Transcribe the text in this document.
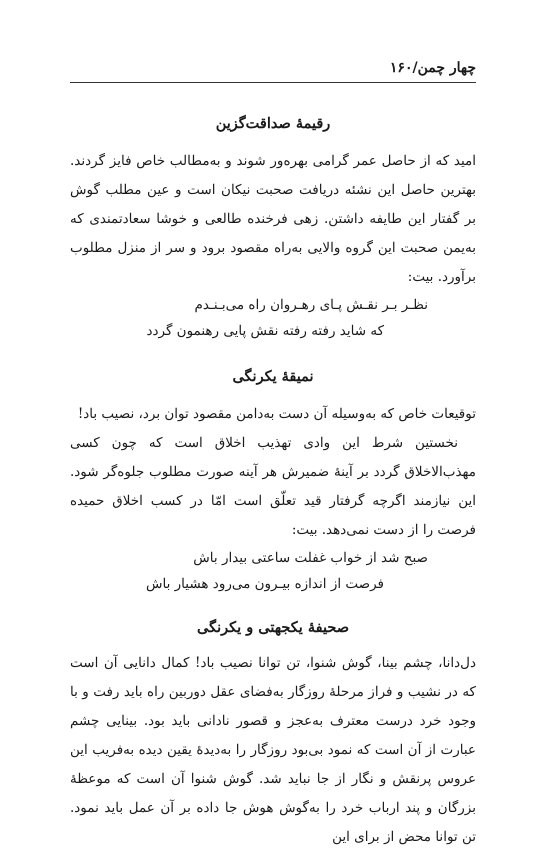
چهار چمن/۱۶۰
رقیمهٔ صداقت‌گزین

امید که از حاصل عمر گرامی بهره‌ور شوند و به‌مطالب خاص فایز گردند. بهترین حاصل این نشئه دریافت صحبت نیکان است و عین مطلب گوش بر گفتار این طایفه داشتن. زهی فرخنده طالعی و خوشا سعادتمندی که به‌یمن صحبت این گروه والایی به‌راه مقصود برود و سر از منزل مطلوب برآورد. بیت:

نظـر بـر نقـش پـای رهـروان راه می‌بـنـدم

که شاید رفته رفته نقش پایی رهنمون گردد

نمیقهٔ یکرنگی

توقیعات خاص که به‌وسیله آن دست به‌دامن مقصود توان برد، نصیب باد!

نخستین شرط این وادی تهذیب اخلاق است که چون کسی مهذب‌الاخلاق گردد بر آینهٔ ضمیرش هر آینه صورت مطلوب جلوه‌گر شود. این نیازمند اگرچه گرفتار قید تعلّق است امّا در کسب اخلاق حمیده فرصت را از دست نمی‌دهد. بیت:

صبح شد از خواب غفلت ساعتی بیدار باش

فرصت از اندازه بیـرون می‌رود هشیار باش

صحیفهٔ یکجهتی و یکرنگی

دل‌دانا، چشم بینا، گوش شنوا، تن توانا نصیب باد! کمال دانایی آن است که در نشیب و فراز مرحلهٔ روزگار به‌فضای عقل دوربین راه باید رفت و با وجود خرد درست معترف به‌عجز و قصور نادانی باید بود. بینایی چشم عبارت از آن است که نمود بی‌بود روزگار را به‌دیدهٔ یقین دیده به‌فریب این عروس پرنقش و نگار از جا نباید شد. گوش شنوا آن است که موعظهٔ بزرگان و پند ارباب خرد را به‌گوش هوش جا داده بر آن عمل باید نمود. تن توانا محض از برای این
